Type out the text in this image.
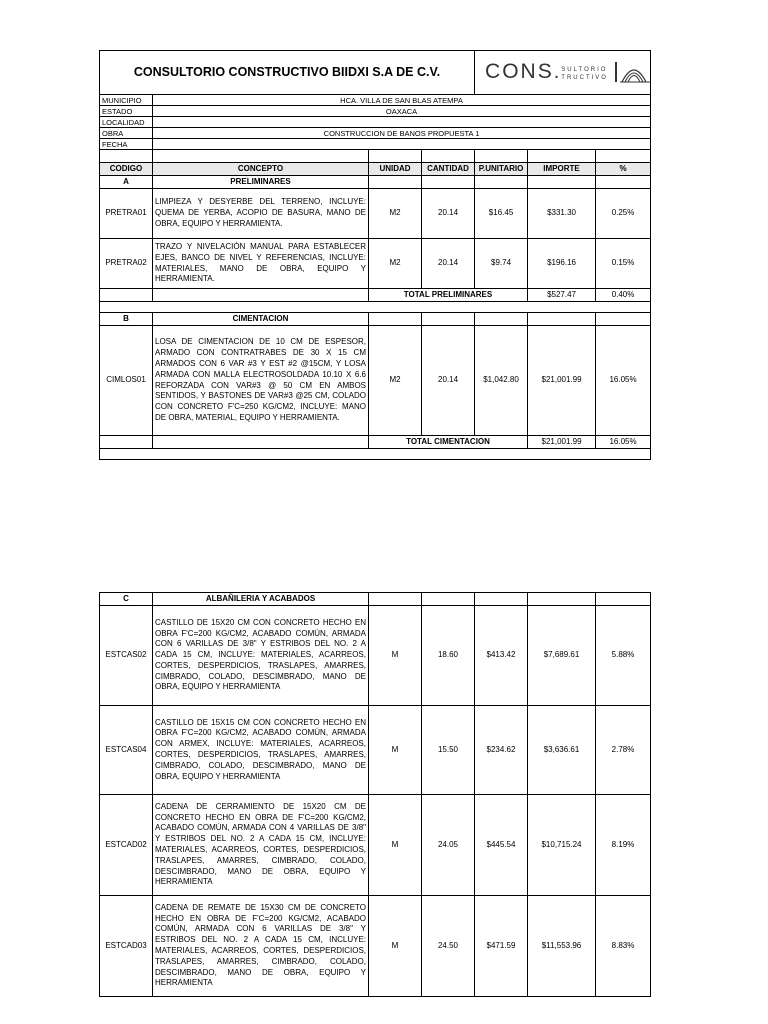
CONSULTORIO CONSTRUCTIVO BIIDXI S.A DE C.V.				CONS . SULTORIO
TRUCTIVO		

MUNICIPIO	HCA. VILLA DE SAN BLAS ATEMPA					
ESTADO	OAXACA					
LOCALIDAD						
OBRA	CONSTRUCCION DE BANOS PROPUESTA 1					
FECHA						

CODIGO	CONCEPTO	UNIDAD	CANTIDAD	P.UNITARIO	IMPORTE	%
A	PRELIMINARES					
PRETRA01	LIMPIEZA Y DESYERBE DEL TERRENO, INCLUYE: QUEMA DE YERBA, ACOPIO DE BASURA, MANO DE OBRA, EQUIPO Y HERRAMIENTA.	M2	20.14	$16.45	$331.30	0.25%
PRETRA02	TRAZO Y NIVELACIÓN MANUAL PARA ESTABLECER EJES, BANCO DE NIVEL Y REFERENCIAS, INCLUYE: MATERIALES, MANO DE OBRA, EQUIPO Y HERRAMIENTA.	M2	20.14	$9.74	$196.16	0.15%
		TOTAL PRELIMINARES			$527.47	0.40%

B	CIMENTACION					
CIMLOS01	LOSA DE CIMENTACION DE 10 CM DE ESPESOR, ARMADO CON CONTRATRABES DE 30 X 15 CM ARMADOS CON 6 VAR #3 Y EST #2 @15CM, Y LOSA ARMADA CON MALLA ELECTROSOLDADA 10.10 X 6.6 REFORZADA CON VAR#3 @ 50 CM EN AMBOS SENTIDOS, Y BASTONES DE VAR#3 @25 CM, COLADO CON CONCRETO F'C=250 KG/CM2, INCLUYE: MANO DE OBRA, MATERIAL, EQUIPO Y HERRAMIENTA.	M2	20.14	$1,042.80	$21,001.99	16.05%
		TOTAL CIMENTACION			$21,001.99	16.05%

C	ALBAÑILERIA Y ACABADOS					
ESTCAS02	CASTILLO DE 15X20 CM CON CONCRETO HECHO EN OBRA F'C=200 KG/CM2, ACABADO COMÚN, ARMADA CON 6 VARILLAS DE 3/8" Y ESTRIBOS DEL NO. 2 A CADA 15 CM, INCLUYE: MATERIALES, ACARREOS, CORTES, DESPERDICIOS, TRASLAPES, AMARRES, CIMBRADO, COLADO, DESCIMBRADO, MANO DE OBRA, EQUIPO Y HERRAMIENTA	M	18.60	$413.42	$7,689.61	5.88%
ESTCAS04	CASTILLO DE 15X15 CM CON CONCRETO HECHO EN OBRA F'C=200 KG/CM2, ACABADO COMÚN, ARMADA CON ARMEX, INCLUYE: MATERIALES, ACARREOS, CORTES, DESPERDICIOS, TRASLAPES, AMARRES, CIMBRADO, COLADO, DESCIMBRADO, MANO DE OBRA, EQUIPO Y HERRAMIENTA	M	15.50	$234.62	$3,636.61	2.78%
ESTCAD02	CADENA DE CERRAMIENTO DE 15X20 CM DE CONCRETO HECHO EN OBRA DE F'C=200 KG/CM2, ACABADO COMÚN, ARMADA CON 4 VARILLAS DE 3/8" Y ESTRIBOS DEL NO. 2 A CADA 15 CM, INCLUYE: MATERIALES, ACARREOS, CORTES, DESPERDICIOS, TRASLAPES, AMARRES, CIMBRADO, COLADO, DESCIMBRADO, MANO DE OBRA, EQUIPO Y HERRAMIENTA	M	24.05	$445.54	$10,715.24	8.19%
ESTCAD03	CADENA DE REMATE DE 15X30 CM DE CONCRETO HECHO EN OBRA DE F'C=200 KG/CM2, ACABADO COMÚN, ARMADA CON 6 VARILLAS DE 3/8" Y ESTRIBOS DEL NO. 2 A CADA 15 CM, INCLUYE: MATERIALES, ACARREOS, CORTES, DESPERDICIOS, TRASLAPES, AMARRES, CIMBRADO, COLADO, DESCIMBRADO, MANO DE OBRA, EQUIPO Y HERRAMIENTA	M	24.50	$471.59	$11,553.96	8.83%
